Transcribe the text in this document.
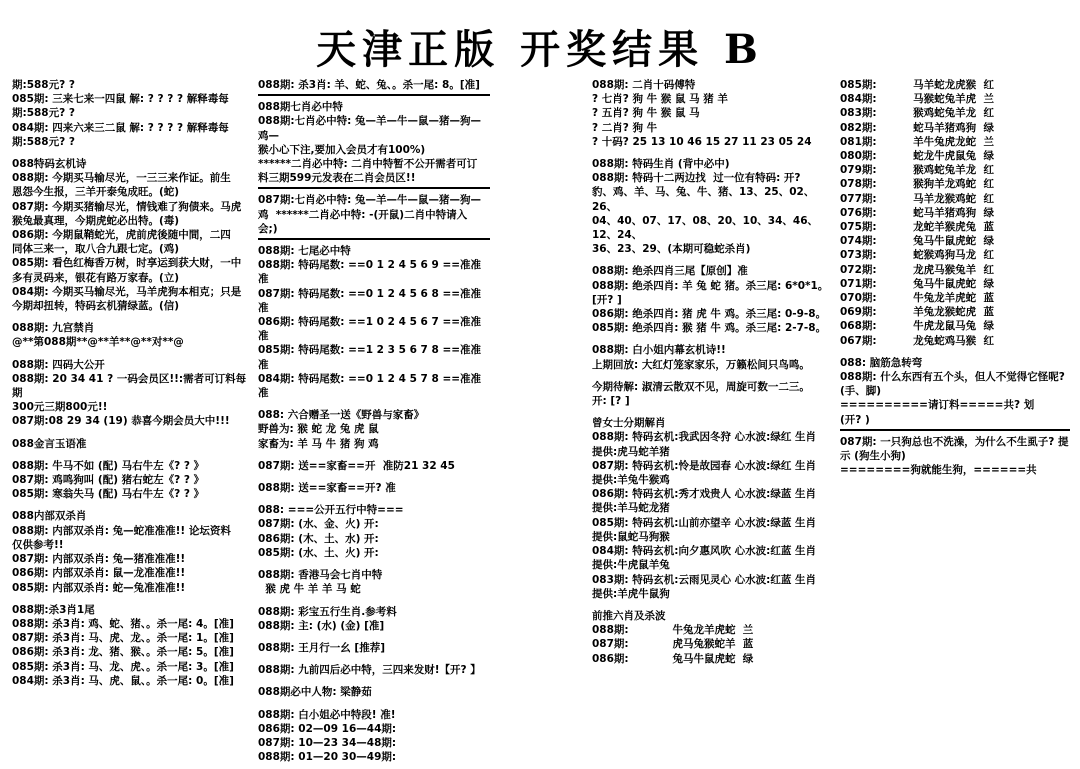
天津正版 开奖结果 B
期:588元? ?
085期: 三来七来一四鼠 解: ? ? ? ? 解释毒每
期:588元? ?
084期: 四来六来三二鼠 解: ? ? ? ? 解释毒每
期:588元? ?
088特码玄机诗
088期: 今期买马输尽光，一三三来作证。前生
恩怨今生报，三羊开泰兔成旺。(蛇)
087期: 今期买猪输尽光，情钱难了狗债来。马虎
猴兔最真理，今期虎蛇必出特。(毒)
086期: 今期鼠鞘蛇光，虎前虎後随中間，二四
同体三来一，取八合九跟七定。(鸡)
085期: 看色红梅香万树，时享运到获大财，一中
多有灵码来，银花有路万家春。(立)
084期: 今期买马输尽光，马羊虎狗本相克；只是
今期却扭转，特码玄机猜绿蓝。(信)
088期: 九宫禁肖
@**第088期**@**羊**@**对**@
088期: 四码大公开
088期: 20 34 41 ? 一码会员区!!:需者可订料每期
300元三期800元!!
087期:08 29 34 (19) 恭喜今期会员大中!!!
088金言玉语准
088期: 牛马不如 (配) 马右牛左《? ? 》
087期: 鸡鸣狗叫 (配) 猪右蛇左《? ? 》
085期: 寒翁失马 (配) 马右牛左《? ? 》
088内部双杀肖
088期: 内部双杀肖: 兔—蛇准准准!! 论坛资料
仅供参考!!
087期: 内部双杀肖: 兔—猪准准准!!
086期: 内部双杀肖: 鼠—龙准准准!!
085期: 内部双杀肖: 蛇—兔准准准!!
088期:杀3肖1尾
088期: 杀3肖: 鸡、蛇、猪、。杀一尾: 4。[准]
087期: 杀3肖: 马、虎、龙、。杀一尾: 1。[准]
086期: 杀3肖: 龙、猪、猴、。杀一尾: 5。[准]
085期: 杀3肖: 马、龙、虎、。杀一尾: 3。[准]
084期: 杀3肖: 马、虎、鼠、。杀一尾: 0。[准]
088期: 杀3肖: 羊、蛇、兔、。杀一尾: 8。[准]
088期七肖必中特
088期:七肖必中特: 兔—羊—牛—鼠—猪—狗—鸡—
猴小心下注,要加入会员才有100%)
******二肖必中特: 二肖中特暂不公开需者可订
料三期599元发表在二肖会员区!!
087期:七肖必中特: 兔—羊—牛—鼠—猪—狗—
鸡  ******二肖必中特: -(开鼠)二肖中特请入
会;)
088期: 七尾必中特
088期: 特码尾数: ==0 1 2 4 5 6 9 ==准准准
087期: 特码尾数: ==0 1 2 4 5 6 8 ==准准准
086期: 特码尾数: ==1 0 2 4 5 6 7 ==准准准
085期: 特码尾数: ==1 2 3 5 6 7 8 ==准准准
084期: 特码尾数: ==0 1 2 4 5 7 8 ==准准准
088: 六合赠圣一送《野兽与家畜》
野兽为: 猴 蛇 龙 兔 虎 鼠
家畜为: 羊 马 牛 猪 狗 鸡
087期: 送==家畜==开  准防21 32 45
088期: 送==家畜==开? 准
088: ===公开五行中特===
087期: (水、金、火) 开:
086期: (木、土、水) 开:
085期: (水、土、火) 开:
088期: 香港马会七肖中特
猴 虎 牛 羊 羊 马 蛇
088期: 彩宝五行生肖.参考料
088期: 主: (水) (金) [准]
088期: 王月行一幺 [推荐]
088期: 九前四后必中特，三四来发财!【开? 】
088期必中人物: 梁静茹
088期: 白小姐必中特段! 准!
086期: 02—09 16—44期:
087期: 10—23 34—48期:
088期: 01—20 30—49期:
088期: 二肖十码傅特
? 七肖? 狗 牛 猴 鼠 马 猪 羊
? 五肖? 狗 牛 猴 鼠 马
? 二肖? 狗 牛
? 十码? 25 13 10 46 15 27 11 23 05 24
088期: 特码生肖 (背中必中)
088期: 特码十二两边找  过一位有特码: 开?
豹、鸡、羊、马、兔、牛、猪、13、25、02、26、
04、40、07、17、08、20、10、34、46、12、24、
36、23、29、(本期可稳蛇杀肖)
088期: 绝杀四肖三尾【原创】准
088期: 绝杀四肖: 羊 兔 蛇 猪。杀三尾: 6*0*1。
[开? ]
086期: 绝杀四肖: 猪 虎 牛 鸡。杀三尾: 0-9-8。
085期: 绝杀四肖: 猴 猪 牛 鸡。杀三尾: 2-7-8。
088期: 白小姐内幕玄机诗!!
上期回放: 大红灯笼家家乐，万籁松间只鸟鸣。
今期待解: 淑清云散双不见，周旋可数一二三。
开: [? ]
曾女士分期解肖
088期: 特码玄机:我武因冬狩 心水波:绿红 生肖
提供:虎马蛇羊猪
087期: 特码玄机:怜是故园春 心水波:绿红 生肖
提供:羊兔牛猴鸡
086期: 特码玄机:秀才戏贵人 心水波:绿蓝 生肖
提供:羊马蛇龙猪
085期: 特码玄机:山前亦望辛 心水波:绿蓝 生肖
提供:鼠蛇马狗猴
084期: 特码玄机:向夕惠风吹 心水波:红蓝 生肖
提供:牛虎鼠羊兔
083期: 特码玄机:云雨见灵心 心水波:红蓝 生肖
提供:羊虎牛鼠狗
前推六肖及杀波
088期:            牛兔龙羊虎蛇  兰
087期:            虎马兔猴蛇羊  蓝
086期:            兔马牛鼠虎蛇  绿
085期:          马羊蛇龙虎猴  红
084期:          马猴蛇兔羊虎  兰
083期:          猴鸡蛇兔羊龙  红
082期:          蛇马羊猪鸡狗  绿
081期:          羊牛兔虎龙蛇  兰
080期:          蛇龙牛虎鼠兔  绿
079期:          猴鸡蛇兔羊龙  红
078期:          猴狗羊龙鸡蛇  红
077期:          马羊龙猴鸡蛇  红
076期:          蛇马羊猪鸡狗  绿
075期:          龙蛇羊猴虎兔  蓝
074期:          兔马牛鼠虎蛇  绿
073期:          蛇猴鸡狗马龙  红
072期:          龙虎马猴兔羊  红
071期:          兔马牛鼠虎蛇  绿
070期:          牛兔龙羊虎蛇  蓝
069期:          羊兔龙猴蛇虎  蓝
068期:          牛虎龙鼠马兔  绿
067期:          龙兔蛇鸡马猴  红
088: 脑筋急转弯
088期: 什么东西有五个头，但人不觉得它怪呢?
(手、脚)
==========请订料=====共? 划
(开? )
087期: 一只狗总也不洗澡，为什么不生虱子? 提
示 (狗生小狗)
========狗就能生狗，======共
